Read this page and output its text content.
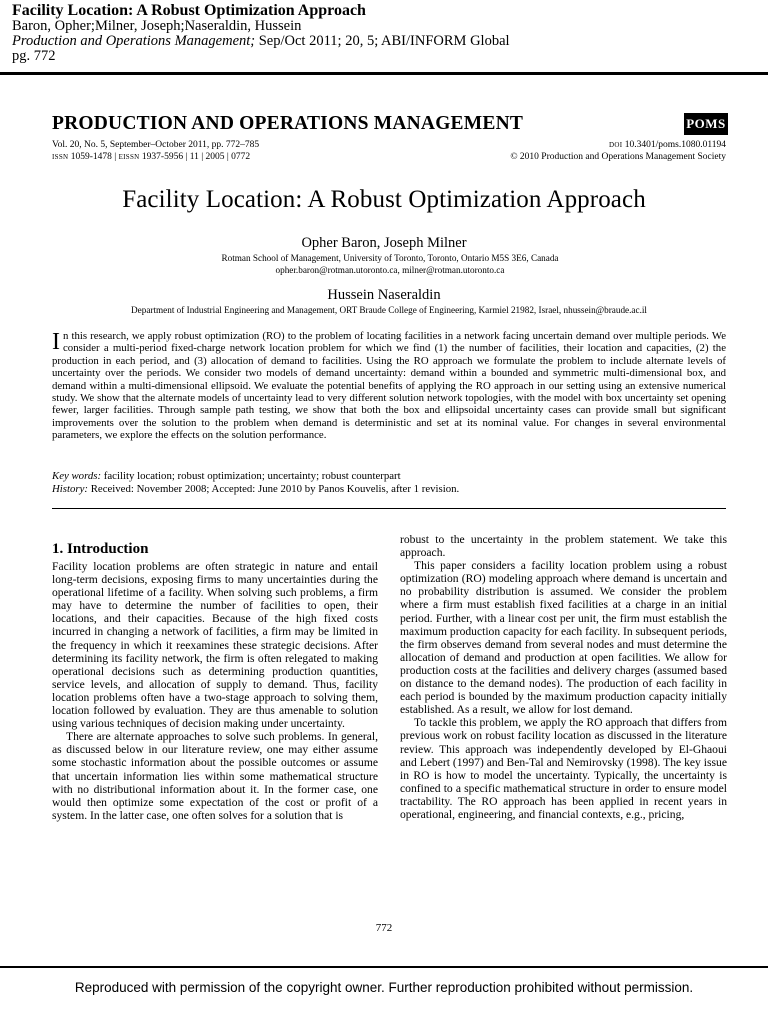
Facility Location: A Robust Optimization Approach
Baron, Opher;Milner, Joseph;Naseraldin, Hussein
Production and Operations Management; Sep/Oct 2011; 20, 5; ABI/INFORM Global
pg. 772
PRODUCTION AND OPERATIONS MANAGEMENT	POMS
Vol. 20, No. 5, September–October 2011, pp. 772–785
ISSN 1059-1478 | EISSN 1937-5956 | 11 | 2005 | 0772
DOI 10.3401/poms.1080.01194
© 2010 Production and Operations Management Society
Facility Location: A Robust Optimization Approach
Opher Baron, Joseph Milner
Rotman School of Management, University of Toronto, Toronto, Ontario M5S 3E6, Canada
opher.baron@rotman.utoronto.ca, milner@rotman.utoronto.ca
Hussein Naseraldin
Department of Industrial Engineering and Management, ORT Braude College of Engineering, Karmiel 21982, Israel, nhussein@braude.ac.il
In this research, we apply robust optimization (RO) to the problem of locating facilities in a network facing uncertain demand over multiple periods. We consider a multi-period fixed-charge network location problem for which we find (1) the number of facilities, their location and capacities, (2) the production in each period, and (3) allocation of demand to facilities. Using the RO approach we formulate the problem to include alternate levels of uncertainty over the periods. We consider two models of demand uncertainty: demand within a bounded and symmetric multi-dimensional box, and demand within a multi-dimensional ellipsoid. We evaluate the potential benefits of applying the RO approach in our setting using an extensive numerical study. We show that the alternate models of uncertainty lead to very different solution network topologies, with the model with box uncertainty set opening fewer, larger facilities. Through sample path testing, we show that both the box and ellipsoidal uncertainty cases can provide small but significant improvements over the solution to the problem when demand is deterministic and set at its nominal value. For changes in several environmental parameters, we explore the effects on the solution performance.
Key words: facility location; robust optimization; uncertainty; robust counterpart
History: Received: November 2008; Accepted: June 2010 by Panos Kouvelis, after 1 revision.
1. Introduction

Facility location problems are often strategic in nature and entail long-term decisions, exposing firms to many uncertainties during the operational lifetime of a facility. When solving such problems, a firm may have to determine the number of facilities to open, their locations, and their capacities. Because of the high fixed costs incurred in changing a network of facilities, a firm may be limited in the frequency in which it reexamines these strategic decisions. After determining its facility network, the firm is often relegated to making operational decisions such as determining production quantities, service levels, and allocation of supply to demand. Thus, facility location problems often have a two-stage approach to solving them, location followed by evaluation. They are thus amenable to solution using various techniques of decision making under uncertainty.

There are alternate approaches to solve such problems. In general, as discussed below in our literature review, one may either assume some stochastic information about the possible outcomes or assume that uncertain information lies within some mathematical structure with no distributional information about it. In the former case, one would then optimize some expectation of the cost or profit of a system. In the latter case, one often solves for a solution that is

robust to the uncertainty in the problem statement. We take this approach.

This paper considers a facility location problem using a robust optimization (RO) modeling approach where demand is uncertain and no probability distribution is assumed. We consider the problem where a firm must establish fixed facilities at a charge in an initial period. Further, with a linear cost per unit, the firm must establish the maximum production capacity for each facility. In subsequent periods, the firm observes demand from several nodes and must determine the allocation of demand and production at open facilities. We allow for production costs at the facilities and delivery charges (assumed based on distance to the demand nodes). The production of each facility in each period is bounded by the maximum production capacity initially established. As a result, we allow for lost demand.

To tackle this problem, we apply the RO approach that differs from previous work on robust facility location as discussed in the literature review. This approach was independently developed by El-Ghaoui and Lebert (1997) and Ben-Tal and Nemirovsky (1998). The key issue in RO is how to model the uncertainty. Typically, the uncertainty is confined to a specific mathematical structure in order to ensure model tractability. The RO approach has been applied in recent years in operational, engineering, and financial contexts, e.g., pricing,

772
Reproduced with permission of the copyright owner. Further reproduction prohibited without permission.
